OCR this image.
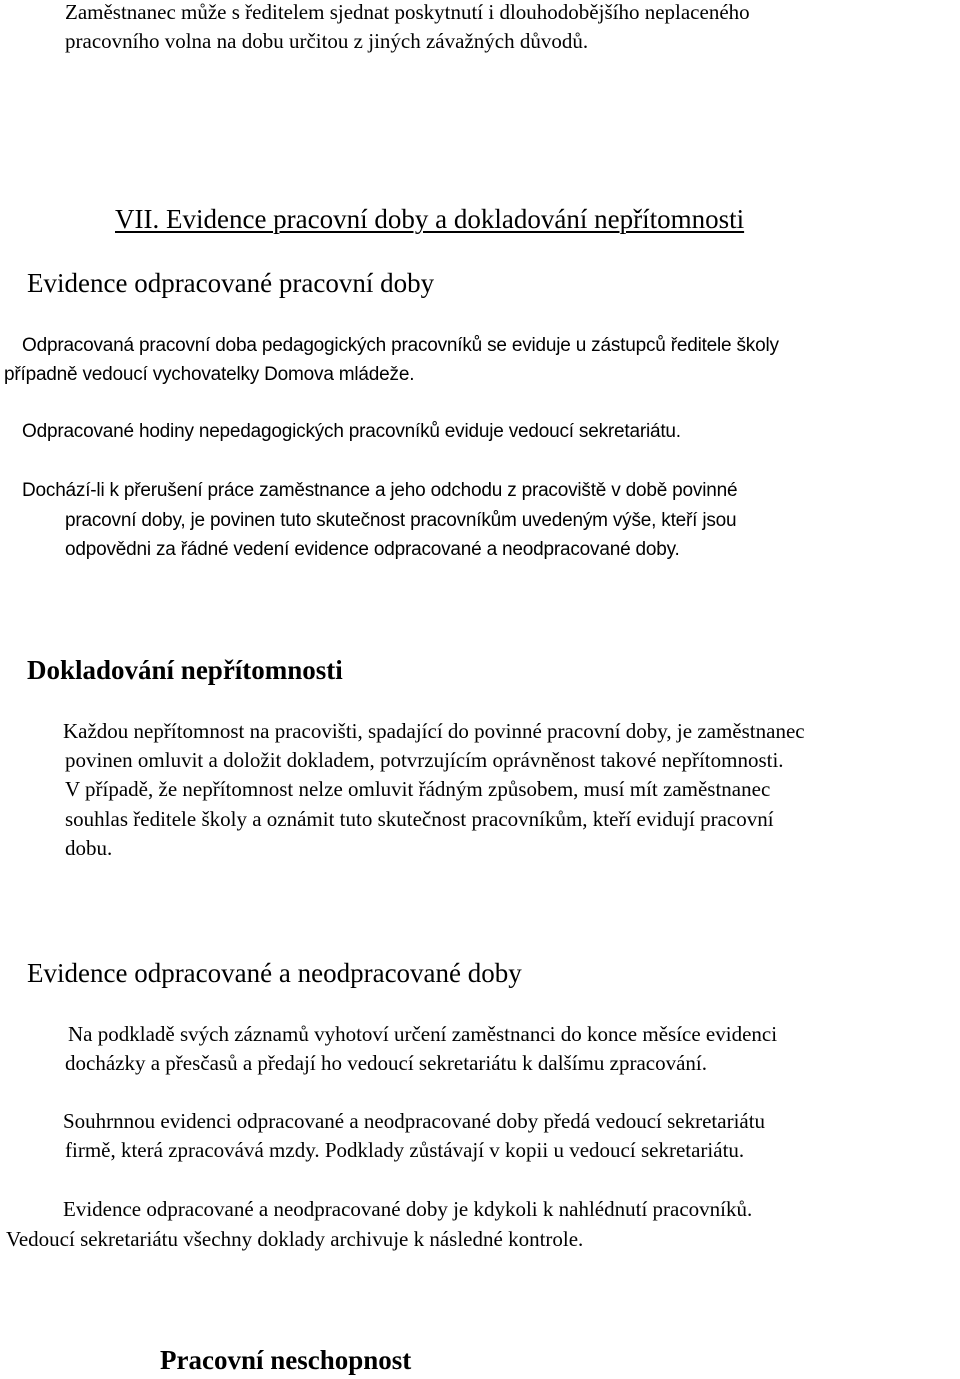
Zaměstnanec může s ředitelem sjednat poskytnutí i dlouhodobějšího neplaceného

pracovního volna na dobu určitou z jiných závažných důvodů.

VII. Evidence pracovní doby a dokladování nepřítomnosti
Evidence odpracované pracovní doby

Odpracovaná pracovní doba pedagogických pracovníků se eviduje u zástupců ředitele školy

případně vedoucí vychovatelky Domova mládeže.

Odpracované hodiny nepedagogických pracovníků eviduje vedoucí sekretariátu.

Dochází-li k přerušení práce zaměstnance a jeho odchodu z pracoviště v době povinné

pracovní doby, je povinen tuto skutečnost pracovníkům uvedeným výše, kteří jsou

odpovědni za řádné vedení evidence odpracované a neodpracované doby.

Dokladování nepřítomnosti

Každou nepřítomnost na pracovišti, spadající do povinné pracovní doby, je zaměstnanec

povinen omluvit a doložit dokladem, potvrzujícím oprávněnost takové nepřítomnosti.

V případě, že nepřítomnost nelze omluvit řádným způsobem, musí mít zaměstnanec

souhlas ředitele školy a oznámit tuto skutečnost pracovníkům, kteří evidují pracovní

dobu.

Evidence odpracované a neodpracované doby

Na podkladě svých záznamů vyhotoví určení zaměstnanci do konce měsíce evidenci

docházky a přesčasů a předají ho vedoucí sekretariátu k dalšímu zpracování.

Souhrnnou evidenci odpracované a neodpracované doby předá vedoucí sekretariátu

firmě, která zpracovává mzdy. Podklady zůstávají v kopii u vedoucí sekretariátu.

Evidence odpracované a neodpracované doby je kdykoli k nahlédnutí pracovníků.

Vedoucí sekretariátu všechny doklady archivuje k následné kontrole.

Pracovní neschopnost
